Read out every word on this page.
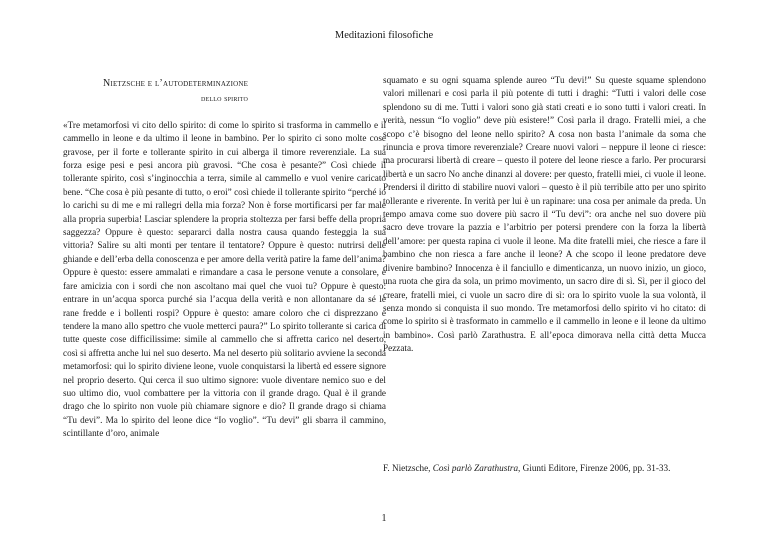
Meditazioni filosofiche
Nietzsche e l’autodeterminazione
dello spirito

«Tre metamorfosi vi cito dello spirito: di come lo spirito si trasforma in cammello e il cammello in leone e da ultimo il leone in bambino. Per lo spirito ci sono molte cose gravose, per il forte e tollerante spirito in cui alberga il timore reverenziale. La sua forza esige pesi e pesi ancora più gravosi. “Che cosa è pesante?” Così chiede il tollerante spirito, così s’inginocchia a terra, simile al cammello e vuol venire caricato bene. “Che cosa è più pesante di tutto, o eroi” così chiede il tollerante spirito “perché io lo carichi su di me e mi rallegri della mia forza? Non è forse mortificarsi per far male alla propria superbia! Lasciar splendere la propria stoltezza per farsi beffe della propria saggezza? Oppure è questo: separarci dalla nostra causa quando festeggia la sua vittoria? Salire su alti monti per tentare il tentatore? Oppure è questo: nutrirsi delle ghiande e dell’erba della conoscenza e per amore della verità patire la fame dell’anima? Oppure è questo: essere ammalati e rimandare a casa le persone venute a consolare, e fare amicizia con i sordi che non ascoltano mai quel che vuoi tu? Oppure è questo: entrare in un’acqua sporca purché sia l’acqua della verità e non allontanare da sé le rane fredde e i bollenti rospi? Oppure è questo: amare coloro che ci disprezzano e tendere la mano allo spettro che vuole metterci paura?” Lo spirito tollerante si carica di tutte queste cose difficilissime: simile al cammello che si affretta carico nel deserto, così si affretta anche lui nel suo deserto. Ma nel deserto più solitario avviene la seconda metamorfosi: qui lo spirito diviene leone, vuole conquistarsi la libertà ed essere signore nel proprio deserto. Qui cerca il suo ultimo signore: vuole diventare nemico suo e del suo ultimo dio, vuol combattere per la vittoria con il grande drago. Qual è il grande drago che lo spirito non vuole più chiamare signore e dio? Il grande drago si chiama “Tu devi”. Ma lo spirito del leone dice “Io voglio”. “Tu devi” gli sbarra il cammino, scintillante d’oro, animale

squamato e su ogni squama splende aureo “Tu devi!” Su queste squame splendono valori millenari e così parla il più potente di tutti i draghi: “Tutti i valori delle cose splendono su di me. Tutti i valori sono già stati creati e io sono tutti i valori creati. In verità, nessun “Io voglio” deve più esistere!” Così parla il drago. Fratelli miei, a che scopo c’è bisogno del leone nello spirito? A cosa non basta l’animale da soma che rinuncia e prova timore reverenziale? Creare nuovi valori – neppure il leone ci riesce: ma procurarsi libertà di creare – questo il potere del leone riesce a farlo. Per procurarsi libertà e un sacro No anche dinanzi al dovere: per questo, fratelli miei, ci vuole il leone. Prendersi il diritto di stabilire nuovi valori – questo è il più terribile atto per uno spirito tollerante e riverente. In verità per lui è un rapinare: una cosa per animale da preda. Un tempo amava come suo dovere più sacro il “Tu devi”: ora anche nel suo dovere più sacro deve trovare la pazzia e l’arbitrio per potersi prendere con la forza la libertà dell’amore: per questa rapina ci vuole il leone. Ma dite fratelli miei, che riesce a fare il bambino che non riesca a fare anche il leone? A che scopo il leone predatore deve divenire bambino? Innocenza è il fanciullo e dimenticanza, un nuovo inizio, un gioco, una ruota che gira da sola, un primo movimento, un sacro dire di sì. Sì, per il gioco del creare, fratelli miei, ci vuole un sacro dire di sì: ora lo spirito vuole la sua volontà, il senza mondo si conquista il suo mondo. Tre metamorfosi dello spirito vi ho citato: di come lo spirito si è trasformato in cammello e il cammello in leone e il leone da ultimo in bambino». Così parlò Zarathustra. E all’epoca dimorava nella città detta Mucca Pezzata.

F. Nietzsche, Così parlò Zarathustra, Giunti Editore, Firenze 2006, pp. 31-33.
1
